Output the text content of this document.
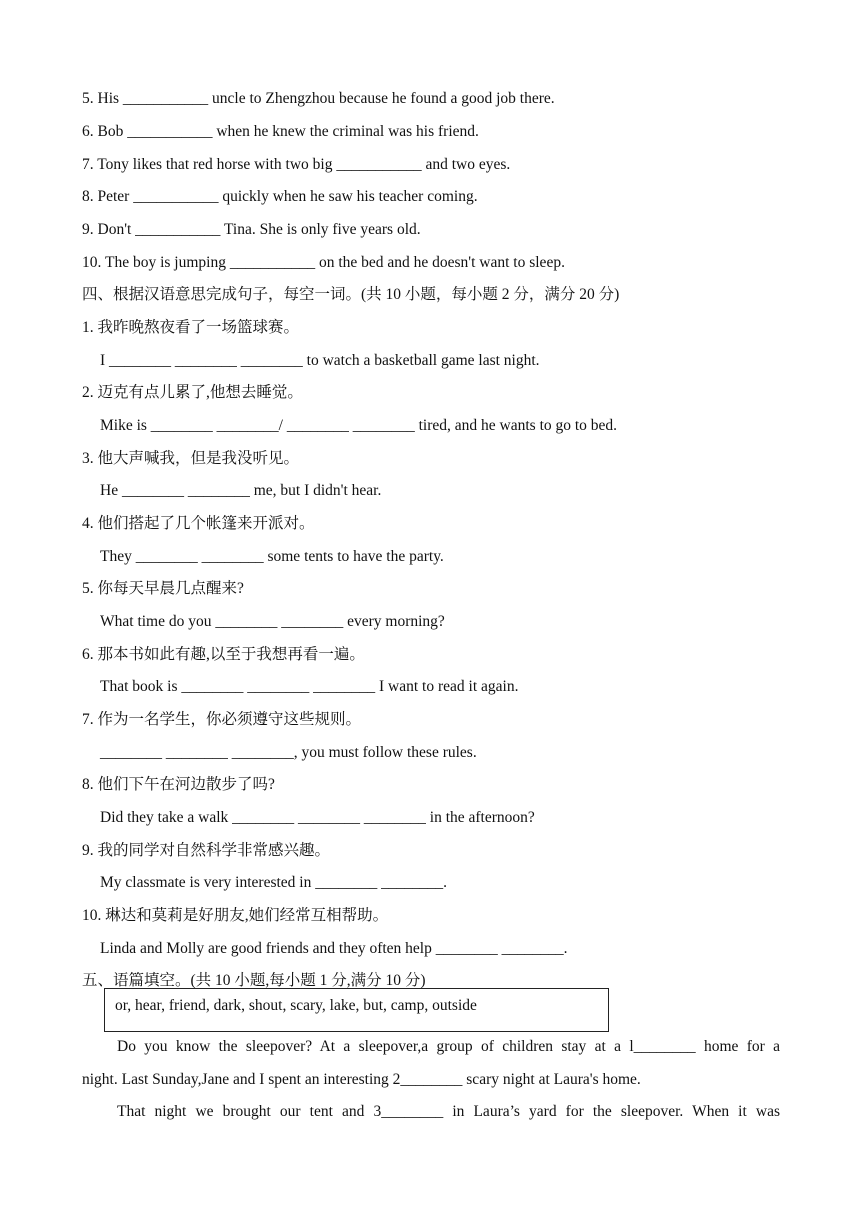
5. His ___________ uncle to Zhengzhou because he found a good job there.
6. Bob ___________ when he knew the criminal was his friend.
7. Tony likes that red horse with two big ___________ and two eyes.
8. Peter ___________ quickly when he saw his teacher coming.
9. Don't ___________ Tina. She is only five years old.
10. The boy is jumping ___________ on the bed and he doesn't want to sleep.
四、根据汉语意思完成句子，每空一词。(共 10 小题，每小题 2 分，满分 20 分)
1. 我昨晚熬夜看了一场篮球赛。
I ________ ________ ________ to watch a basketball game last night.
2. 迈克有点儿累了,他想去睡觉。
Mike is ________ ________/ ________ ________ tired, and he wants to go to bed.
3. 他大声喊我，但是我没听见。
He ________ ________ me, but I didn't hear.
4. 他们搭起了几个帐篷来开派对。
They ________ ________ some tents to have the party.
5. 你每天早晨几点醒来?
What time do you ________ ________ every morning?
6. 那本书如此有趣,以至于我想再看一遍。
That book is ________ ________ ________ I want to read it again.
7. 作为一名学生，你必须遵守这些规则。
________ ________ ________, you must follow these rules.
8. 他们下午在河边散步了吗?
Did they take a walk ________ ________ ________ in the afternoon?
9. 我的同学对自然科学非常感兴趣。
My classmate is very interested in ________ ________.
10. 琳达和莫莉是好朋友,她们经常互相帮助。
Linda and Molly are good friends and they often help ________ ________.
五、语篇填空。(共 10 小题,每小题 1 分,满分 10 分)
or, hear, friend, dark, shout, scary, lake, but, camp, outside
Do you know the sleepover? At a sleepover,a group of children stay at a l________ home for a
night. Last Sunday,Jane and I spent an interesting 2________ scary night at Laura's home.
That night we brought our tent and 3________ in Laura’s yard for the sleepover. When it was
